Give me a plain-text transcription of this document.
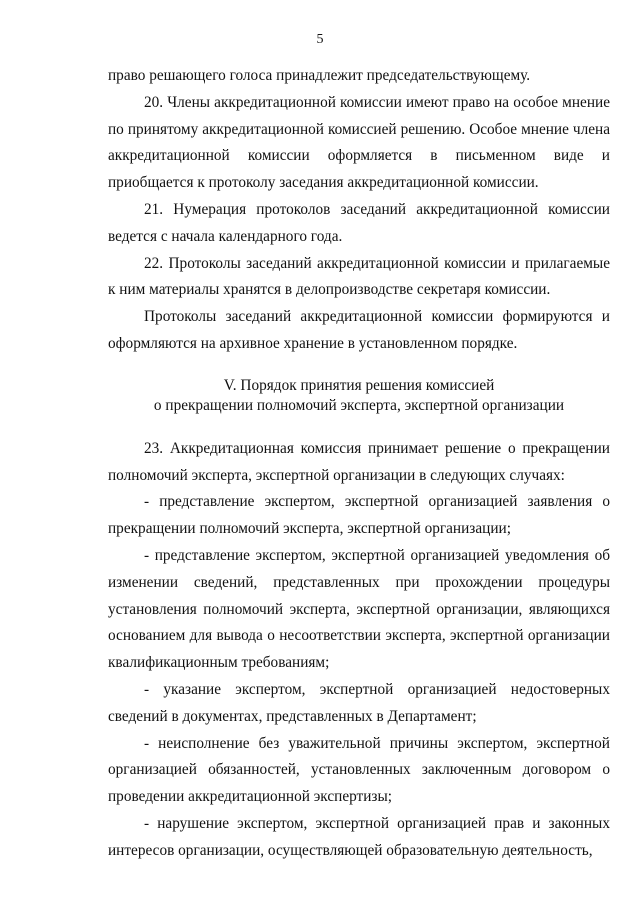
5

право решающего голоса принадлежит председательствующему.

20. Члены аккредитационной комиссии имеют право на особое мнение по принятому аккредитационной комиссией решению. Особое мнение члена аккредитационной комиссии оформляется в письменном виде и приобщается к протоколу заседания аккредитационной комиссии.

21. Нумерация протоколов заседаний аккредитационной комиссии ведется с начала календарного года.

22. Протоколы заседаний аккредитационной комиссии и прилагаемые к ним материалы хранятся в делопроизводстве секретаря комиссии.

Протоколы заседаний аккредитационной комиссии формируются и оформляются на архивное хранение в установленном порядке.

V. Порядок принятия решения комиссией
о прекращении полномочий эксперта, экспертной организации

23. Аккредитационная комиссия принимает решение о прекращении полномочий эксперта, экспертной организации в следующих случаях:

- представление экспертом, экспертной организацией заявления о прекращении полномочий эксперта, экспертной организации;

- представление экспертом, экспертной организацией уведомления об изменении сведений, представленных при прохождении процедуры установления полномочий эксперта, экспертной организации, являющихся основанием для вывода о несоответствии эксперта, экспертной организации квалификационным требованиям;

- указание экспертом, экспертной организацией недостоверных сведений в документах, представленных в Департамент;

- неисполнение без уважительной причины экспертом, экспертной организацией обязанностей, установленных заключенным договором о проведении аккредитационной экспертизы;

- нарушение экспертом, экспертной организацией прав и законных интересов организации, осуществляющей образовательную деятельность,
